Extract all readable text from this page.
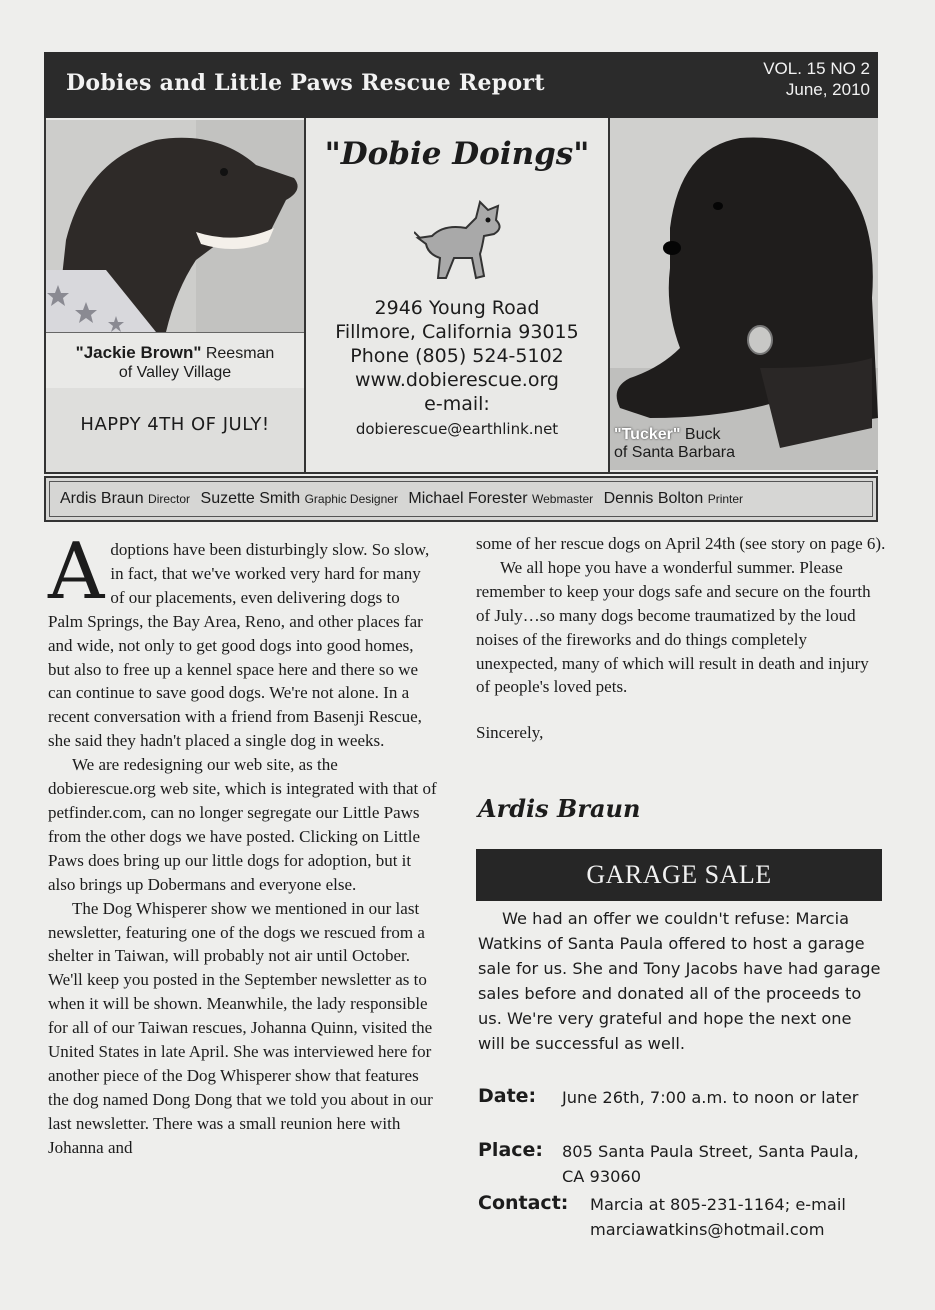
Dobies and Little Paws Rescue Report
VOL. 15 NO 2
June, 2010
"Jackie Brown" Reesman
of Valley Village
HAPPY 4TH OF JULY!
"Dobie Doings"
2946 Young Road
Fillmore, California 93015
Phone (805) 524-5102
www.dobierescue.org
e-mail:
dobierescue@earthlink.net	"Tucker" Buck
of Santa Barbara
Ardis Braun Director Suzette Smith Graphic Designer Michael Forester Webmaster Dennis Bolton Printer

Adoptions have been disturbingly slow. So slow, in fact, that we've worked very hard for many of our placements, even delivering dogs to Palm Springs, the Bay Area, Reno, and other places far and wide, not only to get good dogs into good homes, but also to free up a kennel space here and there so we can continue to save good dogs. We're not alone. In a recent conversation with a friend from Basenji Rescue, she said they hadn't placed a single dog in weeks.

We are redesigning our web site, as the dobierescue.org web site, which is integrated with that of petfinder.com, can no longer segregate our Little Paws from the other dogs we have posted. Clicking on Little Paws does bring up our little dogs for adoption, but it also brings up Dobermans and everyone else.

The Dog Whisperer show we mentioned in our last newsletter, featuring one of the dogs we rescued from a shelter in Taiwan, will probably not air until October. We'll keep you posted in the September newsletter as to when it will be shown. Meanwhile, the lady responsible for all of our Taiwan rescues, Johanna Quinn, visited the United States in late April. She was interviewed here for another piece of the Dog Whisperer show that features the dog named Dong Dong that we told you about in our last newsletter. There was a small reunion here with Johanna and

some of her rescue dogs on April 24th (see story on page 6).

We all hope you have a wonderful summer. Please remember to keep your dogs safe and secure on the fourth of July…so many dogs become traumatized by the loud noises of the fireworks and do things completely unexpected, many of which will result in death and injury of people's loved pets.

Sincerely,

Ardis Braun
GARAGE SALE

We had an offer we couldn't refuse: Marcia Watkins of Santa Paula offered to host a garage sale for us. She and Tony Jacobs have had garage sales before and donated all of the proceeds to us. We're very grateful and hope the next one will be successful as well.

Date: June 26th, 7:00 a.m. to noon or later
Place: 805 Santa Paula Street, Santa Paula, CA 93060
Contact: Marcia at 805-231-1164; e-mail marciawatkins@hotmail.com
